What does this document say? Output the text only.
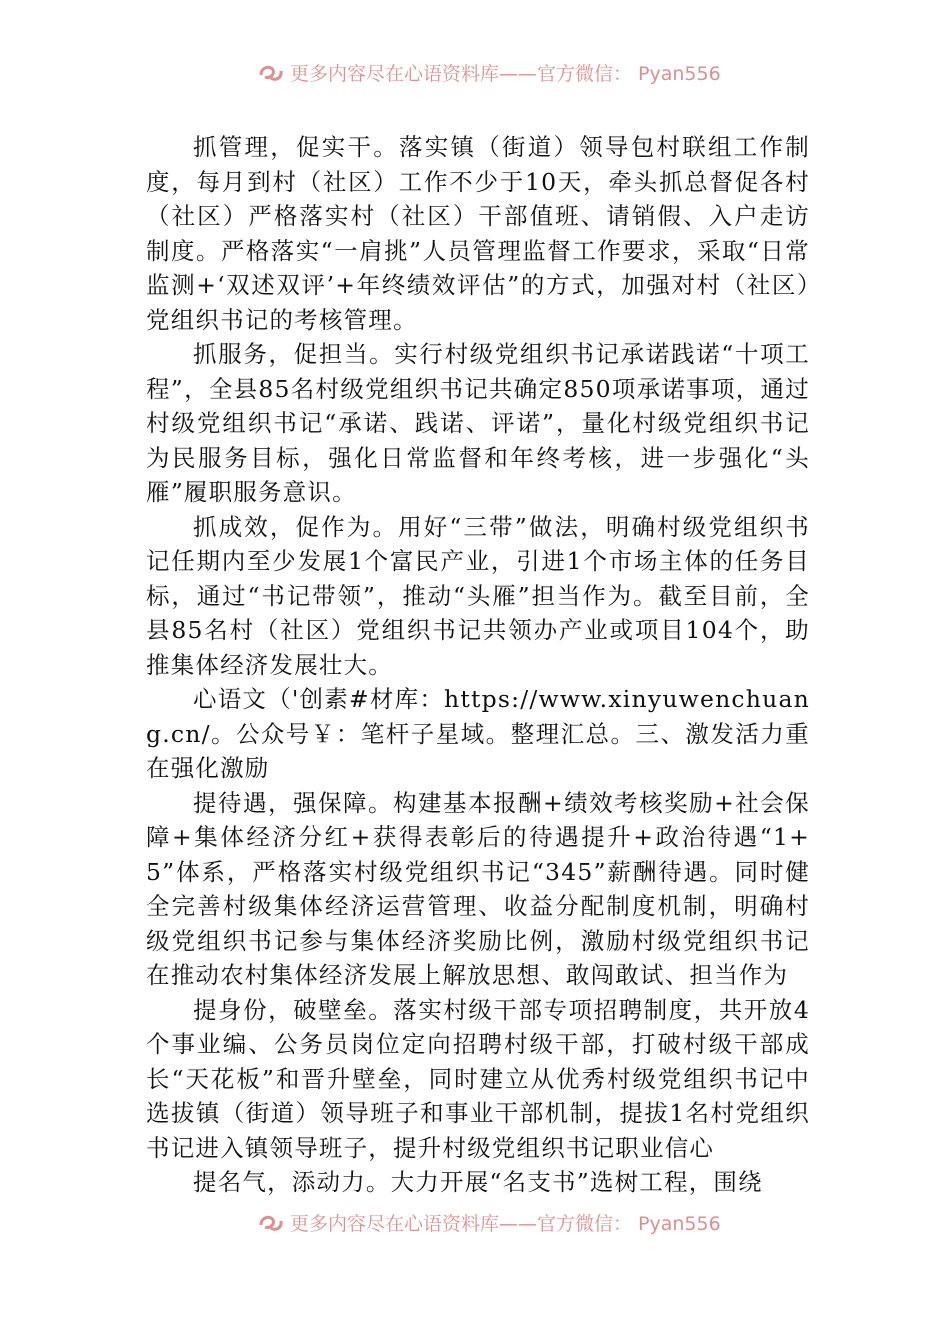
更多内容尽在心语资料库——官方微信： Pyan556

抓管理，促实干。落实镇（街道）领导包村联组工作制度，每月到村（社区）工作不少于10天，牵头抓总督促各村（社区）严格落实村（社区）干部值班、请销假、入户走访制度。严格落实“一肩挑”人员管理监督工作要求，采取“日常监测+‘双述双评’+年终绩效评估”的方式，加强对村（社区）党组织书记的考核管理。

抓服务，促担当。实行村级党组织书记承诺践诺“十项工程”，全县85名村级党组织书记共确定850项承诺事项，通过村级党组织书记“承诺、践诺、评诺”，量化村级党组织书记为民服务目标，强化日常监督和年终考核，进一步强化“头雁”履职服务意识。

抓成效，促作为。用好“三带”做法，明确村级党组织书记任期内至少发展1个富民产业，引进1个市场主体的任务目标，通过“书记带领”，推动“头雁”担当作为。截至目前，全县85名村（社区）党组织书记共领办产业或项目104个，助推集体经济发展壮大。

心语文（'创素#材库：https://www.xinyuwenchuang.cn/。公众号￥：笔杆子星域。整理汇总。三、激发活力重在强化激励

提待遇，强保障。构建基本报酬+绩效考核奖励+社会保障+集体经济分红+获得表彰后的待遇提升+政治待遇“1+5”体系，严格落实村级党组织书记“345”薪酬待遇。同时健全完善村级集体经济运营管理、收益分配制度机制，明确村级党组织书记参与集体经济奖励比例，激励村级党组织书记在推动农村集体经济发展上解放思想、敢闯敢试、担当作为

提身份，破壁垒。落实村级干部专项招聘制度，共开放4个事业编、公务员岗位定向招聘村级干部，打破村级干部成长“天花板”和晋升壁垒，同时建立从优秀村级党组织书记中选拔镇（街道）领导班子和事业干部机制，提拔1名村党组织书记进入镇领导班子，提升村级党组织书记职业信心

提名气，添动力。大力开展“名支书”选树工程，围绕

更多内容尽在心语资料库——官方微信： Pyan556
